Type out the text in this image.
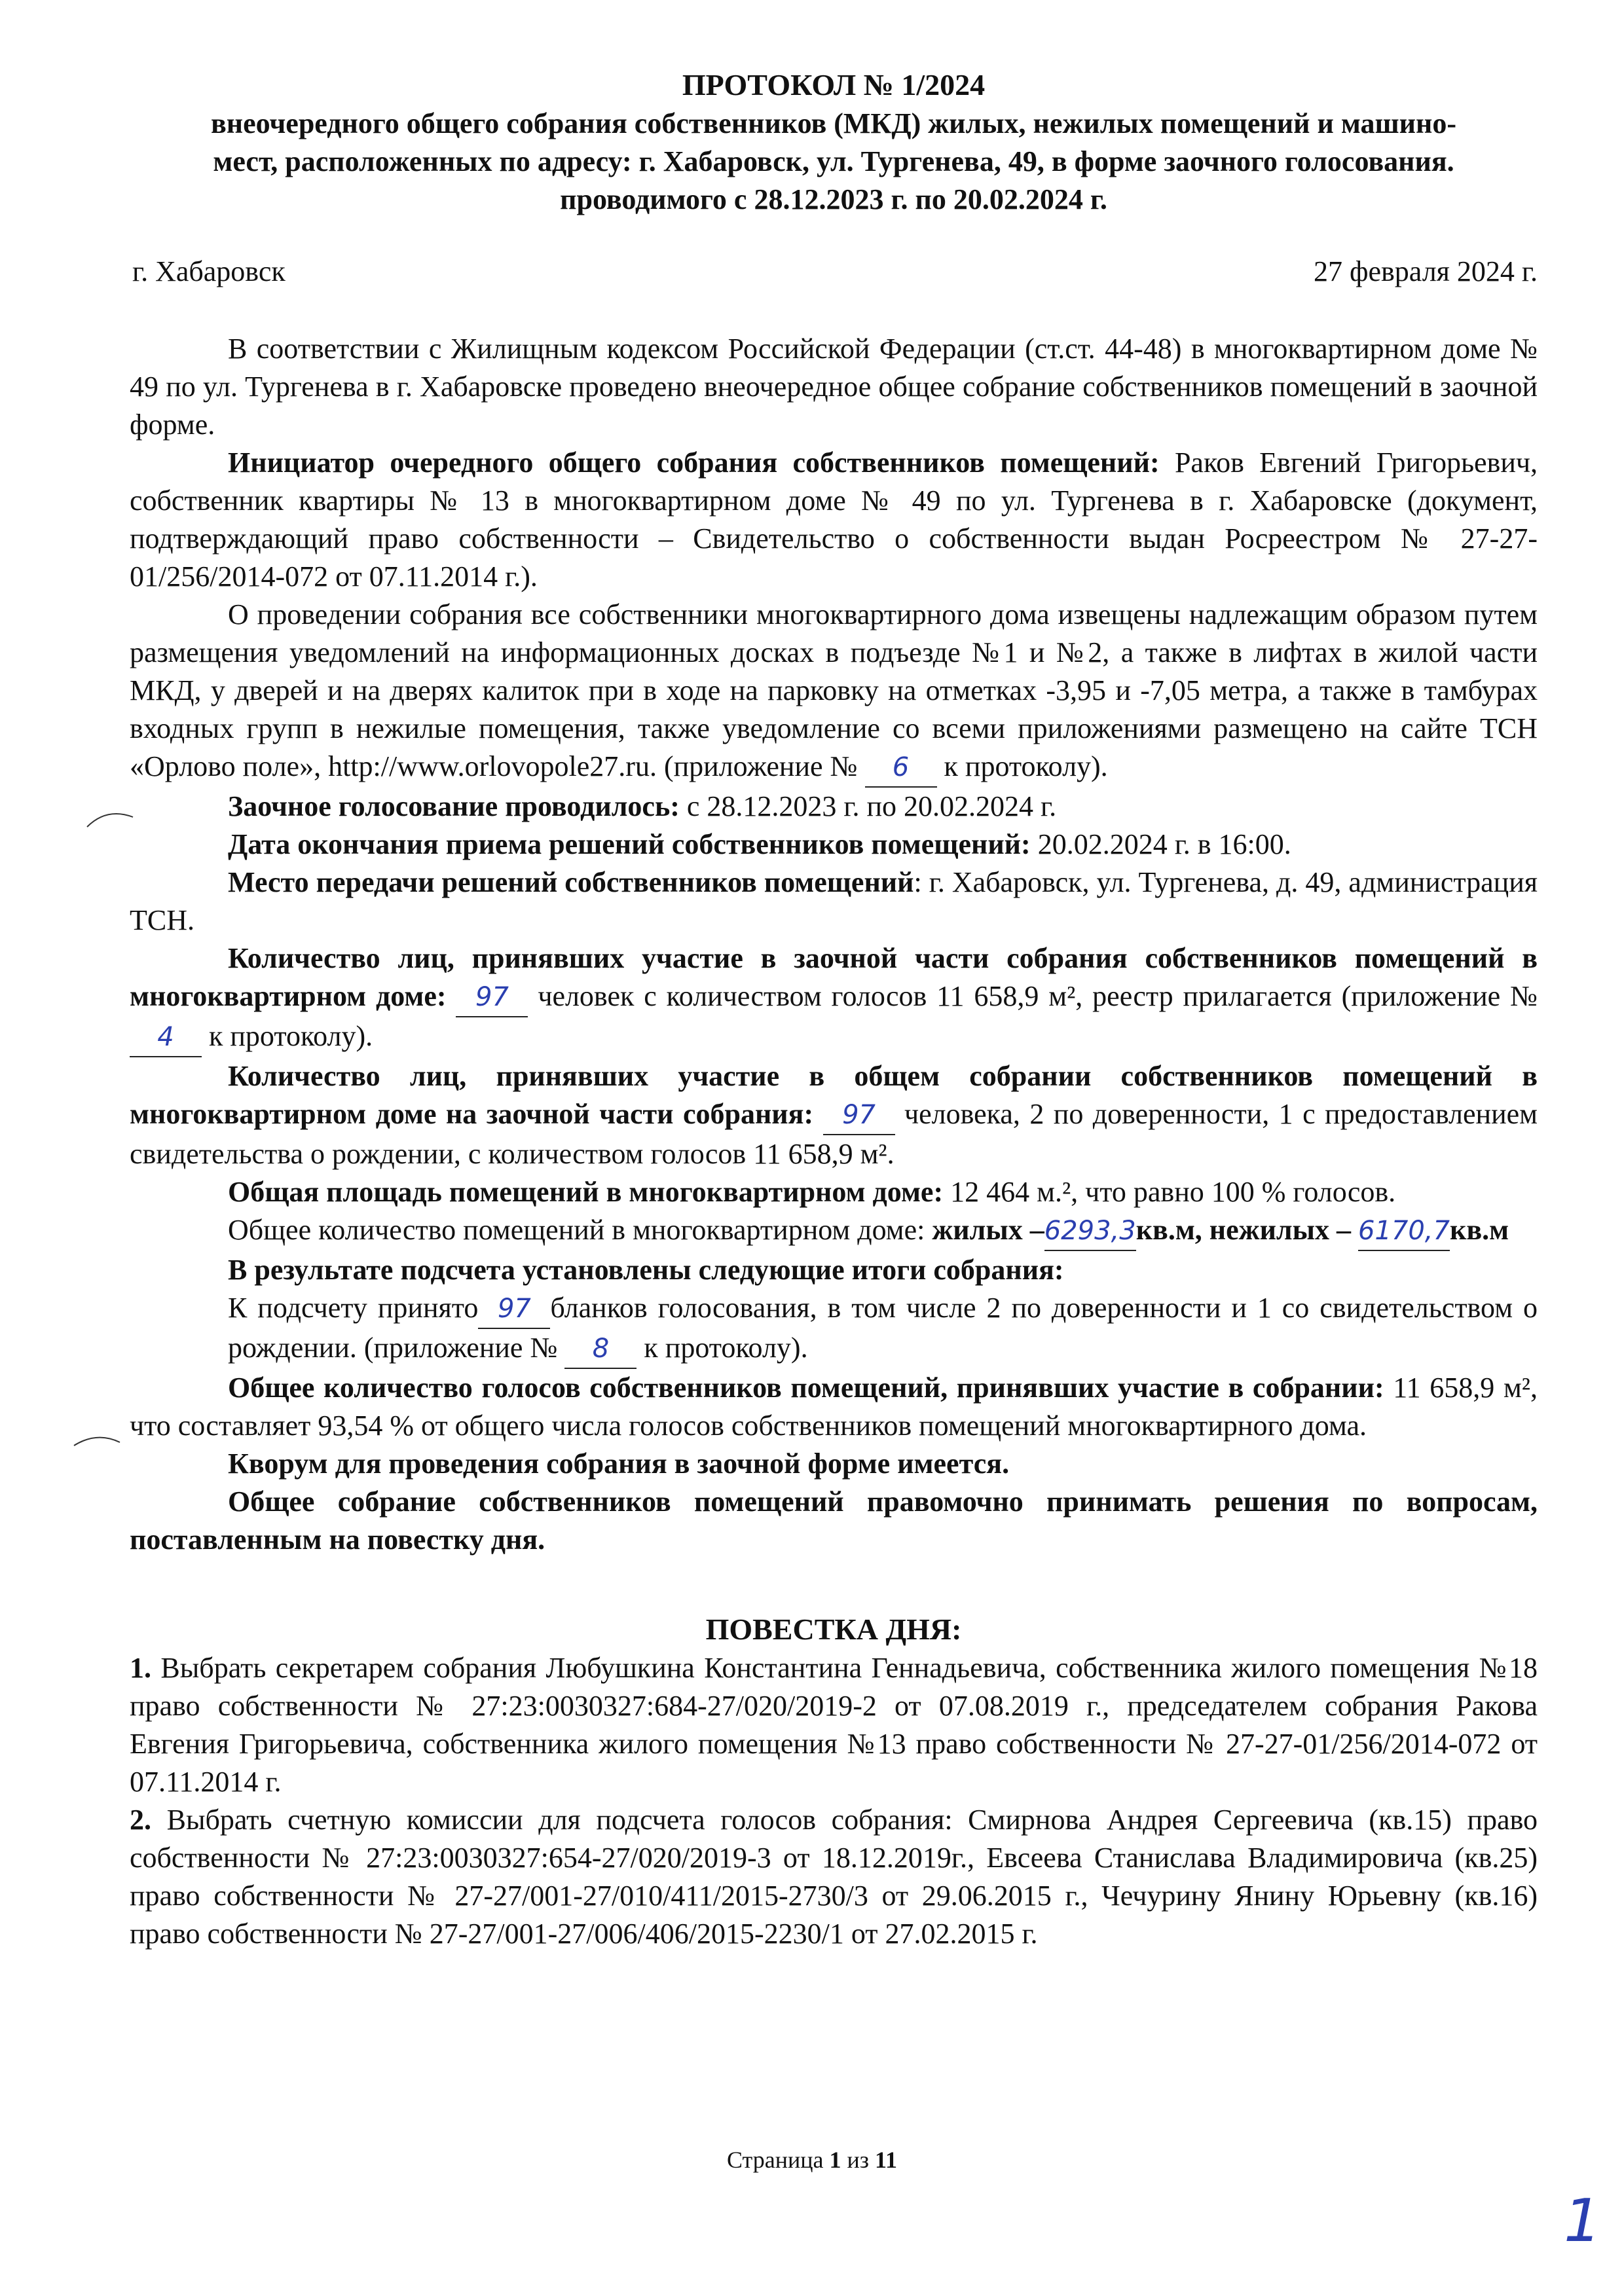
ПРОТОКОЛ № 1/2024
внеочередного общего собрания собственников (МКД) жилых, нежилых помещений и машино-
мест, расположенных по адресу: г. Хабаровск, ул. Тургенева, 49, в форме заочного голосования.
проводимого с 28.12.2023 г. по 20.02.2024 г.
г. Хабаровск	27 февраля 2024 г.

В соответствии с Жилищным кодексом Российской Федерации (ст.ст. 44-48) в многоквартирном доме № 49 по ул. Тургенева в г. Хабаровске проведено внеочередное общее собрание собственников помещений в заочной форме.

Инициатор очередного общего собрания собственников помещений: Раков Евгений Григорьевич, собственник квартиры № 13 в многоквартирном доме № 49 по ул. Тургенева в г. Хабаровске (документ, подтверждающий право собственности – Свидетельство о собственности выдан Росреестром № 27-27-01/256/2014-072 от 07.11.2014 г.).

О проведении собрания все собственники многоквартирного дома извещены надлежащим образом путем размещения уведомлений на информационных досках в подъезде №1 и №2, а также в лифтах в жилой части МКД, у дверей и на дверях калиток при в ходе на парковку на отметках -3,95 и -7,05 метра, а также в тамбурах входных групп в нежилые помещения, также уведомление со всеми приложениями размещено на сайте ТСН «Орлово поле», http://www.orlovopole27.ru. (приложение № 6 к протоколу).

Заочное голосование проводилось: с 28.12.2023 г. по 20.02.2024 г.

Дата окончания приема решений собственников помещений: 20.02.2024 г. в 16:00.

Место передачи решений собственников помещений: г. Хабаровск, ул. Тургенева, д. 49, администрация ТСН.

Количество лиц, принявших участие в заочной части собрания собственников помещений в многоквартирном доме: 97 человек с количеством голосов 11 658,9 м², реестр прилагается (приложение № 4 к протоколу).

Количество лиц, принявших участие в общем собрании собственников помещений в многоквартирном доме на заочной части собрания: 97 человека, 2 по доверенности, 1 с предоставлением свидетельства о рождении, с количеством голосов 11 658,9 м².

Общая площадь помещений в многоквартирном доме: 12 464 м.², что равно 100 % голосов.

Общее количество помещений в многоквартирном доме: жилых –6293,3кв.м, нежилых – 6170,7кв.м

В результате подсчета установлены следующие итоги собрания:

К подсчету принято 97 бланков голосования, в том числе 2 по доверенности и 1 со свидетельством о рождении. (приложение № 8 к протоколу).

Общее количество голосов собственников помещений, принявших участие в собрании: 11 658,9 м², что составляет 93,54 % от общего числа голосов собственников помещений многоквартирного дома.

Кворум для проведения собрания в заочной форме имеется.

Общее собрание собственников помещений правомочно принимать решения по вопросам, поставленным на повестку дня.

ПОВЕСТКА ДНЯ:

1. Выбрать секретарем собрания Любушкина Константина Геннадьевича, собственника жилого помещения №18 право собственности № 27:23:0030327:684-27/020/2019-2 от 07.08.2019 г., председателем собрания Ракова Евгения Григорьевича, собственника жилого помещения №13 право собственности № 27-27-01/256/2014-072 от 07.11.2014 г.

2. Выбрать счетную комиссии для подсчета голосов собрания: Смирнова Андрея Сергеевича (кв.15) право собственности № 27:23:0030327:654-27/020/2019-3 от 18.12.2019г., Евсеева Станислава Владимировича (кв.25) право собственности № 27-27/001-27/010/411/2015-2730/3 от 29.06.2015 г., Чечурину Янину Юрьевну (кв.16) право собственности № 27-27/001-27/006/406/2015-2230/1 от 27.02.2015 г.

Страница 1 из 11
1
